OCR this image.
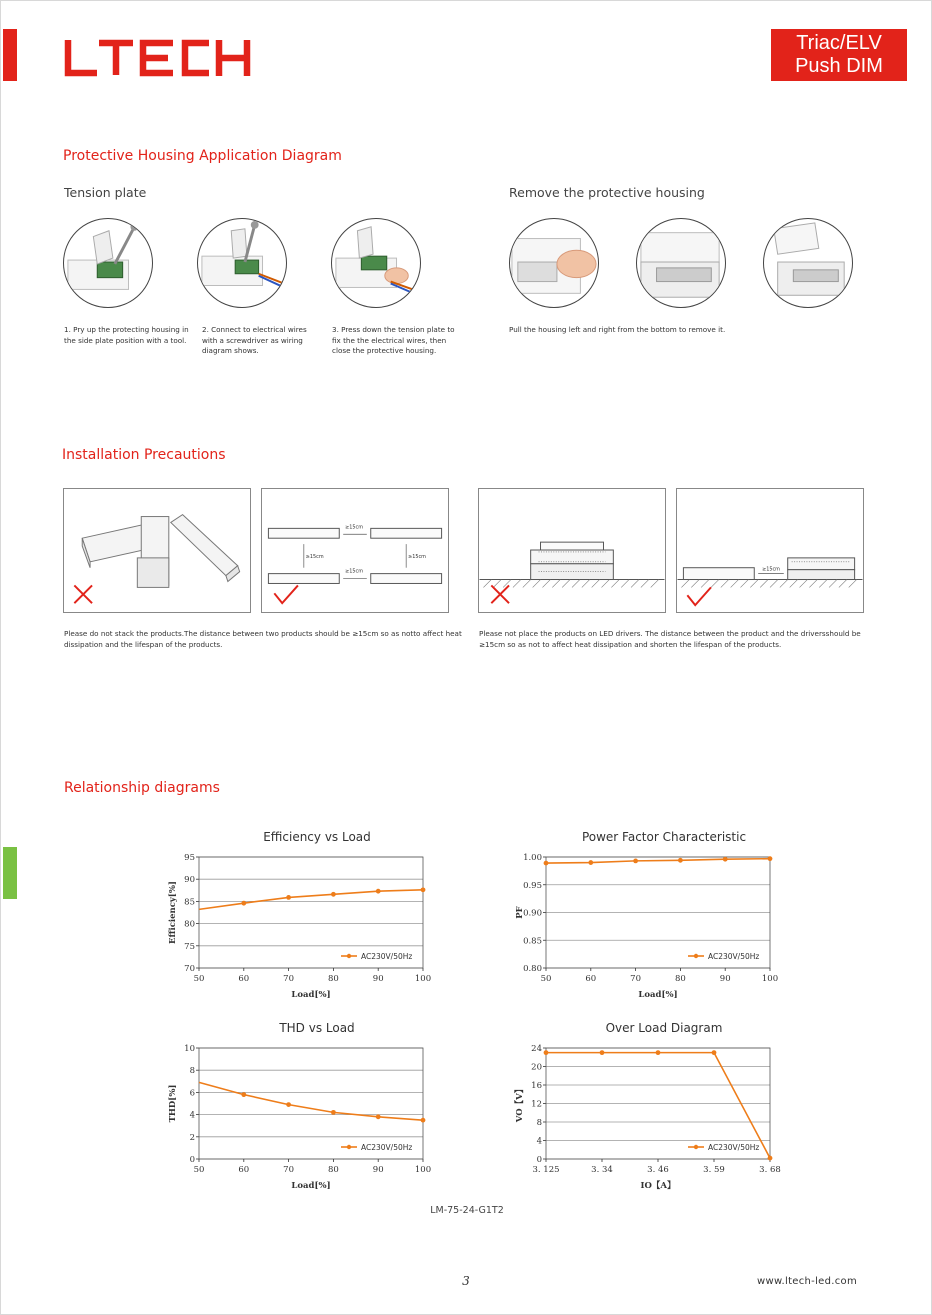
Triac/ELV
Push DIM
Protective Housing Application Diagram
Tension plate	Remove the protective housing
1. Pry up the protecting housing in the side plate position with a tool.
2. Connect to electrical wires with a screwdriver as wiring diagram shows.
3. Press down the tension plate to fix the the electrical wires, then close the protective housing.
Pull the housing left and right from the bottom to remove it.
Installation Precautions
≥15cm
≥15cm
≥15cm	≥15cm
≥15cm
Please do not stack the products.The distance between two products should be ≥15cm so as notto affect heat dissipation and the lifespan of the products.
Please not place the products on LED drivers. The distance between the product and the driversshould be ≥15cm so as not to affect heat dissipation and shorten the lifespan of the products.
Relationship diagrams
Efficiency vs Load
70
75
80
85
90
95
50	60	70	80	90	100
Load[%]
Efficiency[%]
AC230V/50Hz
Power Factor Characteristic
0.80
0.85
0.90
0.95
1.00
50	60	70	80	90	100
Load[%]
PF
AC230V/50Hz
THD vs Load
0
2
4
6
8
10
50	60	70	80	90	100
Load[%]
THD[%]
AC230V/50Hz
Over Load Diagram
0
4
8
12
16
20
24
3. 125	3. 34	3. 46	3. 59	3. 68
IO【A】
VO【V】
AC230V/50Hz
LM-75-24-G1T2
3	www.ltech-led.com
